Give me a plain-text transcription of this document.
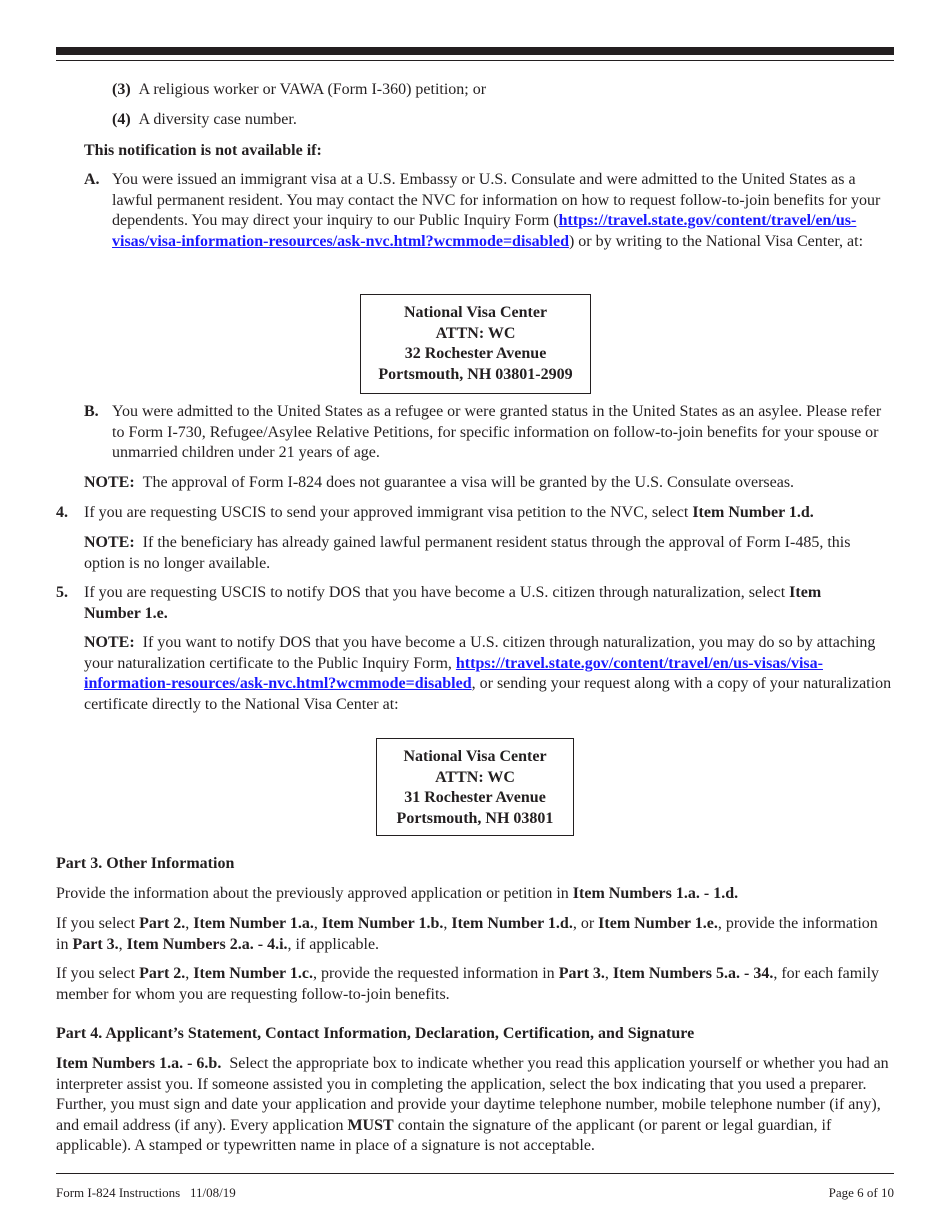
(3) A religious worker or VAWA (Form I-360) petition; or
(4) A diversity case number.
This notification is not available if:
A. You were issued an immigrant visa at a U.S. Embassy or U.S. Consulate and were admitted to the United States as a lawful permanent resident. You may contact the NVC for information on how to request follow-to-join benefits for your dependents. You may direct your inquiry to our Public Inquiry Form (https://travel.state.gov/content/travel/en/us-visas/visa-information-resources/ask-nvc.html?wcmmode=disabled) or by writing to the National Visa Center, at:
National Visa Center
ATTN: WC
32 Rochester Avenue
Portsmouth, NH 03801-2909
B. You were admitted to the United States as a refugee or were granted status in the United States as an asylee. Please refer to Form I-730, Refugee/Asylee Relative Petitions, for specific information on follow-to-join benefits for your spouse or unmarried children under 21 years of age.
NOTE: The approval of Form I-824 does not guarantee a visa will be granted by the U.S. Consulate overseas.
4. If you are requesting USCIS to send your approved immigrant visa petition to the NVC, select Item Number 1.d.
NOTE: If the beneficiary has already gained lawful permanent resident status through the approval of Form I-485, this option is no longer available.
5. If you are requesting USCIS to notify DOS that you have become a U.S. citizen through naturalization, select Item Number 1.e.
NOTE: If you want to notify DOS that you have become a U.S. citizen through naturalization, you may do so by attaching your naturalization certificate to the Public Inquiry Form, https://travel.state.gov/content/travel/en/us-visas/visa-information-resources/ask-nvc.html?wcmmode=disabled, or sending your request along with a copy of your naturalization certificate directly to the National Visa Center at:
National Visa Center
ATTN: WC
31 Rochester Avenue
Portsmouth, NH 03801
Part 3. Other Information
Provide the information about the previously approved application or petition in Item Numbers 1.a. - 1.d.
If you select Part 2., Item Number 1.a., Item Number 1.b., Item Number 1.d., or Item Number 1.e., provide the information in Part 3., Item Numbers 2.a. - 4.i., if applicable.
If you select Part 2., Item Number 1.c., provide the requested information in Part 3., Item Numbers 5.a. - 34., for each family member for whom you are requesting follow-to-join benefits.
Part 4. Applicant’s Statement, Contact Information, Declaration, Certification, and Signature
Item Numbers 1.a. - 6.b. Select the appropriate box to indicate whether you read this application yourself or whether you had an interpreter assist you. If someone assisted you in completing the application, select the box indicating that you used a preparer. Further, you must sign and date your application and provide your daytime telephone number, mobile telephone number (if any), and email address (if any). Every application MUST contain the signature of the applicant (or parent or legal guardian, if applicable). A stamped or typewritten name in place of a signature is not acceptable.
Form I-824 Instructions   11/08/19	Page 6 of 10
